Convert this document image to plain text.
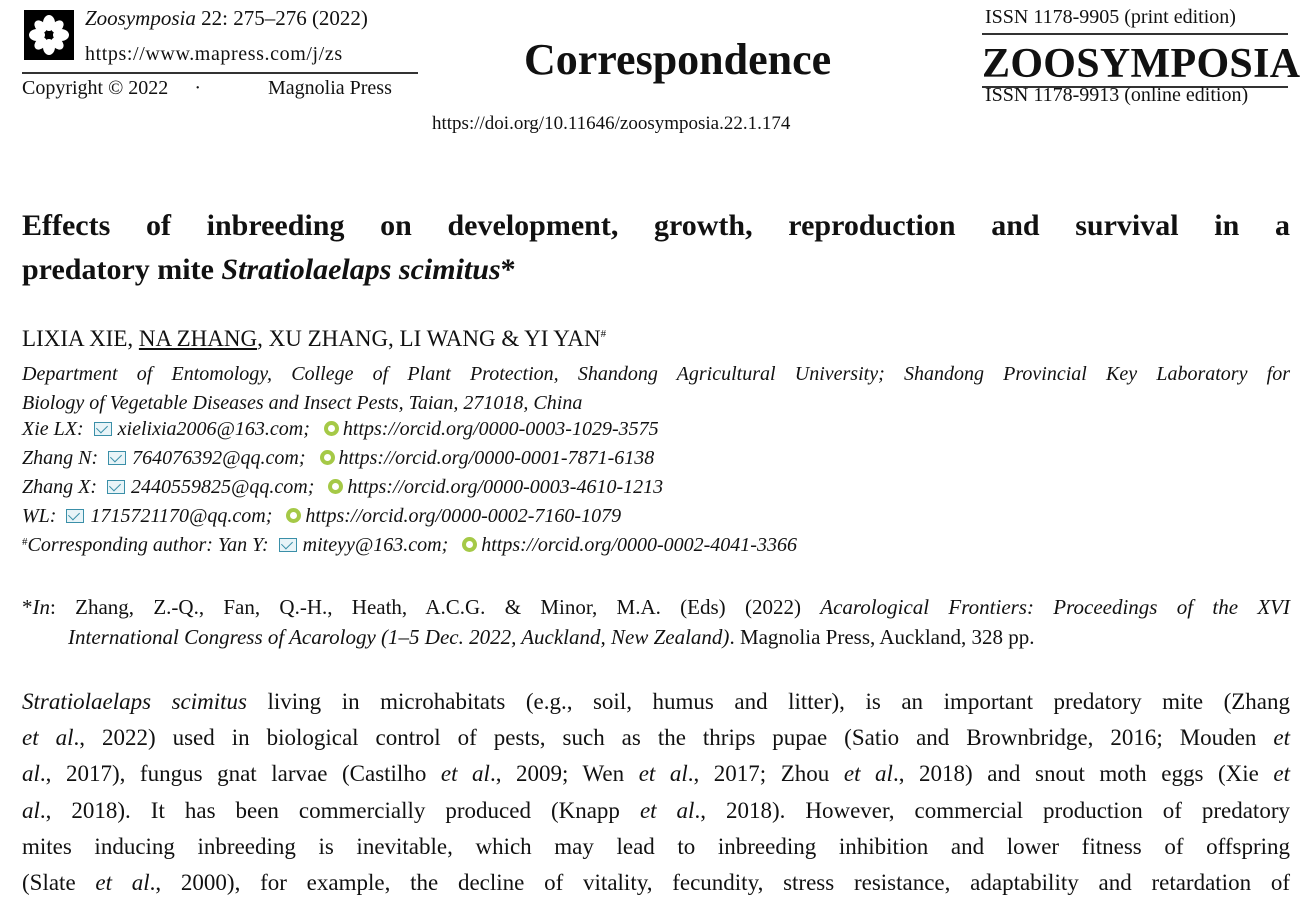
Zoosymposia 22: 275–276 (2022)
https://www.mapress.com/j/zs
Copyright © 2022 ·	Magnolia Press
Correspondence
https://doi.org/10.11646/zoosymposia.22.1.174
ISSN 1178-9905 (print edition)
ZOOSYMPOSIA
ISSN 1178-9913 (online edition)
Effects of inbreeding on development, growth, reproduction and survival in a
predatory mite Stratiolaelaps scimitus*
LIXIA XIE, NA ZHANG, XU ZHANG, LI WANG & YI YAN#
Department of Entomology, College of Plant Protection, Shandong Agricultural University; Shandong Provincial Key Laboratory for
Biology of Vegetable Diseases and Insect Pests, Taian, 271018, China
Xie LX: xielixia2006@163.com; https://orcid.org/0000-0003-1029-3575
Zhang N: 764076392@qq.com; https://orcid.org/0000-0001-7871-6138
Zhang X: 2440559825@qq.com; https://orcid.org/0000-0003-4610-1213
WL: 1715721170@qq.com; https://orcid.org/0000-0002-7160-1079
#Corresponding author: Yan Y: miteyy@163.com; https://orcid.org/0000-0002-4041-3366
*In: Zhang, Z.-Q., Fan, Q.-H., Heath, A.C.G. & Minor, M.A. (Eds) (2022) Acarological Frontiers: Proceedings of the XVI
International Congress of Acarology (1–5 Dec. 2022, Auckland, New Zealand). Magnolia Press, Auckland, 328 pp.
Stratiolaelaps scimitus living in microhabitats (e.g., soil, humus and litter), is an important predatory mite (Zhang
et al., 2022) used in biological control of pests, such as the thrips pupae (Satio and Brownbridge, 2016; Mouden et
al., 2017), fungus gnat larvae (Castilho et al., 2009; Wen et al., 2017; Zhou et al., 2018) and snout moth eggs (Xie et
al., 2018). It has been commercially produced (Knapp et al., 2018). However, commercial production of predatory
mites inducing inbreeding is inevitable, which may lead to inbreeding inhibition and lower fitness of offspring
(Slate et al., 2000), for example, the decline of vitality, fecundity, stress resistance, adaptability and retardation of
